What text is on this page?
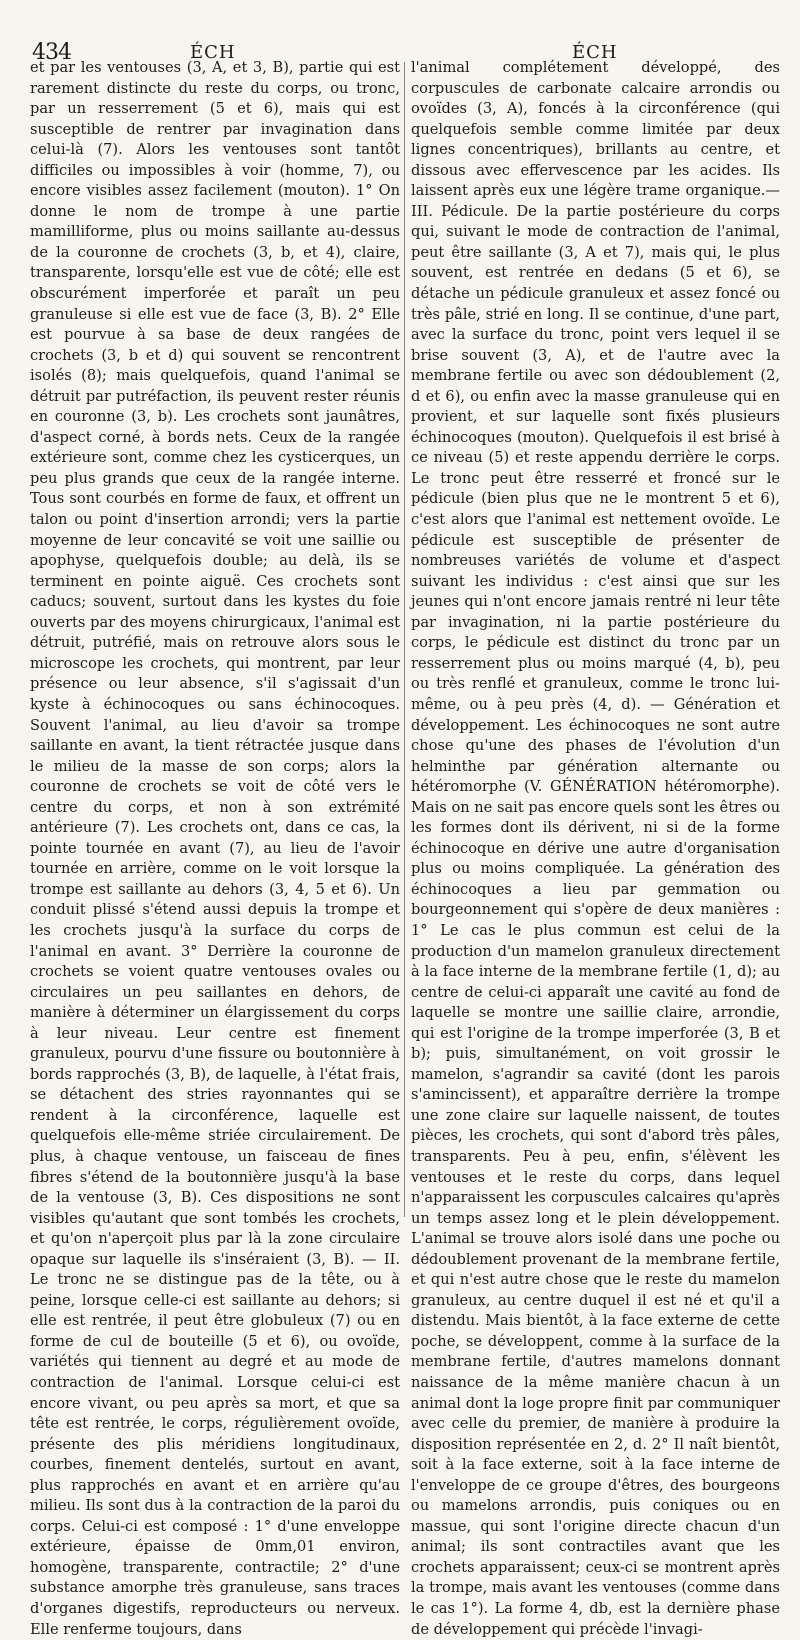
434	ÉCH	ÉCH

et par les ventouses (3, A, et 3, B), partie qui est rarement distincte du reste du corps, ou tronc, par un resserrement (5 et 6), mais qui est susceptible de rentrer par invagination dans celui-là (7). Alors les ventouses sont tantôt difficiles ou impossibles à voir (homme, 7), ou encore visibles assez facilement (mouton). 1° On donne le nom de trompe à une partie mamilliforme, plus ou moins saillante au-dessus de la couronne de crochets (3, b, et 4), claire, transparente, lorsqu'elle est vue de côté; elle est obscurément imperforée et paraît un peu granuleuse si elle est vue de face (3, B). 2° Elle est pourvue à sa base de deux rangées de crochets (3, b et d) qui souvent se rencontrent isolés (8); mais quelquefois, quand l'animal se détruit par putréfaction, ils peuvent rester réunis en couronne (3, b). Les crochets sont jaunâtres, d'aspect corné, à bords nets. Ceux de la rangée extérieure sont, comme chez les cysticerques, un peu plus grands que ceux de la rangée interne. Tous sont courbés en forme de faux, et offrent un talon ou point d'insertion arrondi; vers la partie moyenne de leur concavité se voit une saillie ou apophyse, quelquefois double; au delà, ils se terminent en pointe aiguë. Ces crochets sont caducs; souvent, surtout dans les kystes du foie ouverts par des moyens chirurgicaux, l'animal est détruit, putréfié, mais on retrouve alors sous le microscope les crochets, qui montrent, par leur présence ou leur absence, s'il s'agissait d'un kyste à échinocoques ou sans échinocoques. Souvent l'animal, au lieu d'avoir sa trompe saillante en avant, la tient rétractée jusque dans le milieu de la masse de son corps; alors la couronne de crochets se voit de côté vers le centre du corps, et non à son extrémité antérieure (7). Les crochets ont, dans ce cas, la pointe tournée en avant (7), au lieu de l'avoir tournée en arrière, comme on le voit lorsque la trompe est saillante au dehors (3, 4, 5 et 6). Un conduit plissé s'étend aussi depuis la trompe et les crochets jusqu'à la surface du corps de l'animal en avant. 3° Derrière la couronne de crochets se voient quatre ventouses ovales ou circulaires un peu saillantes en dehors, de manière à déterminer un élargissement du corps à leur niveau. Leur centre est finement granuleux, pourvu d'une fissure ou boutonnière à bords rapprochés (3, B), de laquelle, à l'état frais, se détachent des stries rayonnantes qui se rendent à la circonférence, laquelle est quelquefois elle-même striée circulairement. De plus, à chaque ventouse, un faisceau de fines fibres s'étend de la boutonnière jusqu'à la base de la ventouse (3, B). Ces dispositions ne sont visibles qu'autant que sont tombés les crochets, et qu'on n'aperçoit plus par là la zone circulaire opaque sur laquelle ils s'inséraient (3, B). — II. Le tronc ne se distingue pas de la tête, ou à peine, lorsque celle-ci est saillante au dehors; si elle est rentrée, il peut être globuleux (7) ou en forme de cul de bouteille (5 et 6), ou ovoïde, variétés qui tiennent au degré et au mode de contraction de l'animal. Lorsque celui-ci est encore vivant, ou peu après sa mort, et que sa tête est rentrée, le corps, régulièrement ovoïde, présente des plis méridiens longitudinaux, courbes, finement dentelés, surtout en avant, plus rapprochés en avant et en arrière qu'au milieu. Ils sont dus à la contraction de la paroi du corps. Celui-ci est composé : 1° d'une enveloppe extérieure, épaisse de 0mm,01 environ, homogène, transparente, contractile; 2° d'une substance amorphe très granuleuse, sans traces d'organes digestifs, reproducteurs ou nerveux. Elle renferme toujours, dans

l'animal complétement développé, des corpuscules de carbonate calcaire arrondis ou ovoïdes (3, A), foncés à la circonférence (qui quelquefois semble comme limitée par deux lignes concentriques), brillants au centre, et dissous avec effervescence par les acides. Ils laissent après eux une légère trame organique.— III. Pédicule. De la partie postérieure du corps qui, suivant le mode de contraction de l'animal, peut être saillante (3, A et 7), mais qui, le plus souvent, est rentrée en dedans (5 et 6), se détache un pédicule granuleux et assez foncé ou très pâle, strié en long. Il se continue, d'une part, avec la surface du tronc, point vers lequel il se brise souvent (3, A), et de l'autre avec la membrane fertile ou avec son dédoublement (2, d et 6), ou enfin avec la masse granuleuse qui en provient, et sur laquelle sont fixés plusieurs échinocoques (mouton). Quelquefois il est brisé à ce niveau (5) et reste appendu derrière le corps. Le tronc peut être resserré et froncé sur le pédicule (bien plus que ne le montrent 5 et 6), c'est alors que l'animal est nettement ovoïde. Le pédicule est susceptible de présenter de nombreuses variétés de volume et d'aspect suivant les individus : c'est ainsi que sur les jeunes qui n'ont encore jamais rentré ni leur tête par invagination, ni la partie postérieure du corps, le pédicule est distinct du tronc par un resserrement plus ou moins marqué (4, b), peu ou très renflé et granuleux, comme le tronc lui-même, ou à peu près (4, d). — Génération et développement. Les échinocoques ne sont autre chose qu'une des phases de l'évolution d'un helminthe par génération alternante ou hétéromorphe (V. GÉNÉRATION hétéromorphe). Mais on ne sait pas encore quels sont les êtres ou les formes dont ils dérivent, ni si de la forme échinocoque en dérive une autre d'organisation plus ou moins compliquée. La génération des échinocoques a lieu par gemmation ou bourgeonnement qui s'opère de deux manières : 1° Le cas le plus commun est celui de la production d'un mamelon granuleux directement à la face interne de la membrane fertile (1, d); au centre de celui-ci apparaît une cavité au fond de laquelle se montre une saillie claire, arrondie, qui est l'origine de la trompe imperforée (3, B et b); puis, simultanément, on voit grossir le mamelon, s'agrandir sa cavité (dont les parois s'amincissent), et apparaître derrière la trompe une zone claire sur laquelle naissent, de toutes pièces, les crochets, qui sont d'abord très pâles, transparents. Peu à peu, enfin, s'élèvent les ventouses et le reste du corps, dans lequel n'apparaissent les corpuscules calcaires qu'après un temps assez long et le plein développement. L'animal se trouve alors isolé dans une poche ou dédoublement provenant de la membrane fertile, et qui n'est autre chose que le reste du mamelon granuleux, au centre duquel il est né et qu'il a distendu. Mais bientôt, à la face externe de cette poche, se développent, comme à la surface de la membrane fertile, d'autres mamelons donnant naissance de la même manière chacun à un animal dont la loge propre finit par communiquer avec celle du premier, de manière à produire la disposition représentée en 2, d. 2° Il naît bientôt, soit à la face externe, soit à la face interne de l'enveloppe de ce groupe d'êtres, des bourgeons ou mamelons arrondis, puis coniques ou en massue, qui sont l'origine directe chacun d'un animal; ils sont contractiles avant que les crochets apparaissent; ceux-ci se montrent après la trompe, mais avant les ventouses (comme dans le cas 1°). La forme 4, db, est la dernière phase de développement qui précède l'invagi-
